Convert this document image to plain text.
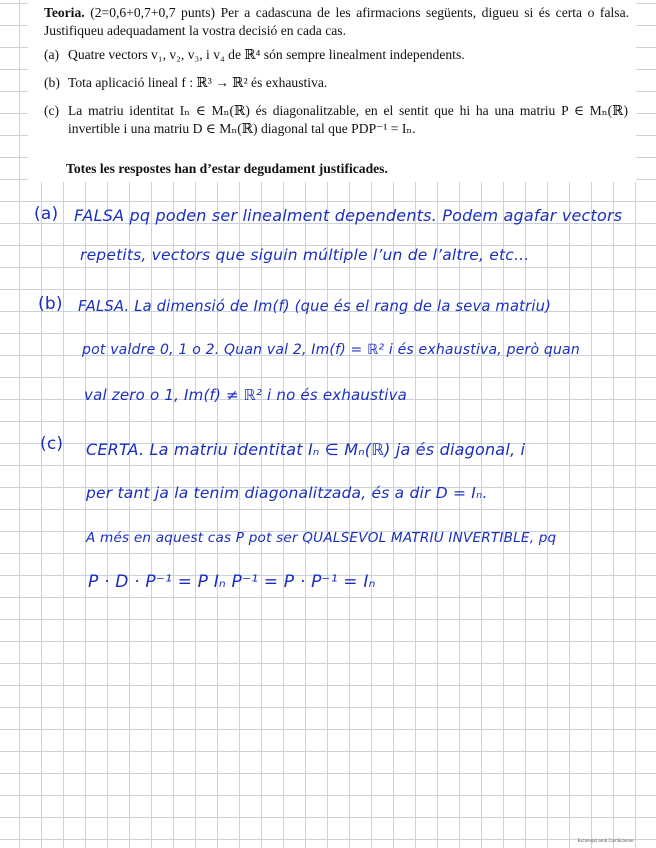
Teoria. (2=0,6+0,7+0,7 punts) Per a cadascuna de les afirmacions següents, digueu si és certa o falsa. Justifiqueu adequadament la vostra decisió en cada cas.

(a) Quatre vectors v₁, v₂, v₃, i v₄ de ℝ⁴ són sempre linealment independents.
(b) Tota aplicació lineal f : ℝ³ → ℝ² és exhaustiva.
(c) La matriu identitat Iₙ ∈ Mₙ(ℝ) és diagonalitzable, en el sentit que hi ha una matriu P ∈ Mₙ(ℝ) invertible i una matriu D ∈ Mₙ(ℝ) diagonal tal que PDP⁻¹ = Iₙ.
Totes les respostes han d’estar degudament justificades.
(a) FALSA pq poden ser linealment dependents. Podem agafar vectors
repetits, vectors que siguin múltiple l’un de l’altre, etc...
(b) FALSA. La dimensió de Im(f) (que és el rang de la seva matriu)
pot valdre 0, 1 o 2. Quan val 2, Im(f) = ℝ² i és exhaustiva, però quan
val zero o 1, Im(f) ≠ ℝ² i no és exhaustiva
(c) CERTA. La matriu identitat Iₙ ∈ Mₙ(ℝ) ja és diagonal, i
per tant ja la tenim diagonalitzada, és a dir D = Iₙ.
A més en aquest cas P pot ser QUALSEVOL MATRIU INVERTIBLE, pq
P · D · P⁻¹ = P Iₙ P⁻¹ = P · P⁻¹ = Iₙ
Escanejat amb CamScanner
